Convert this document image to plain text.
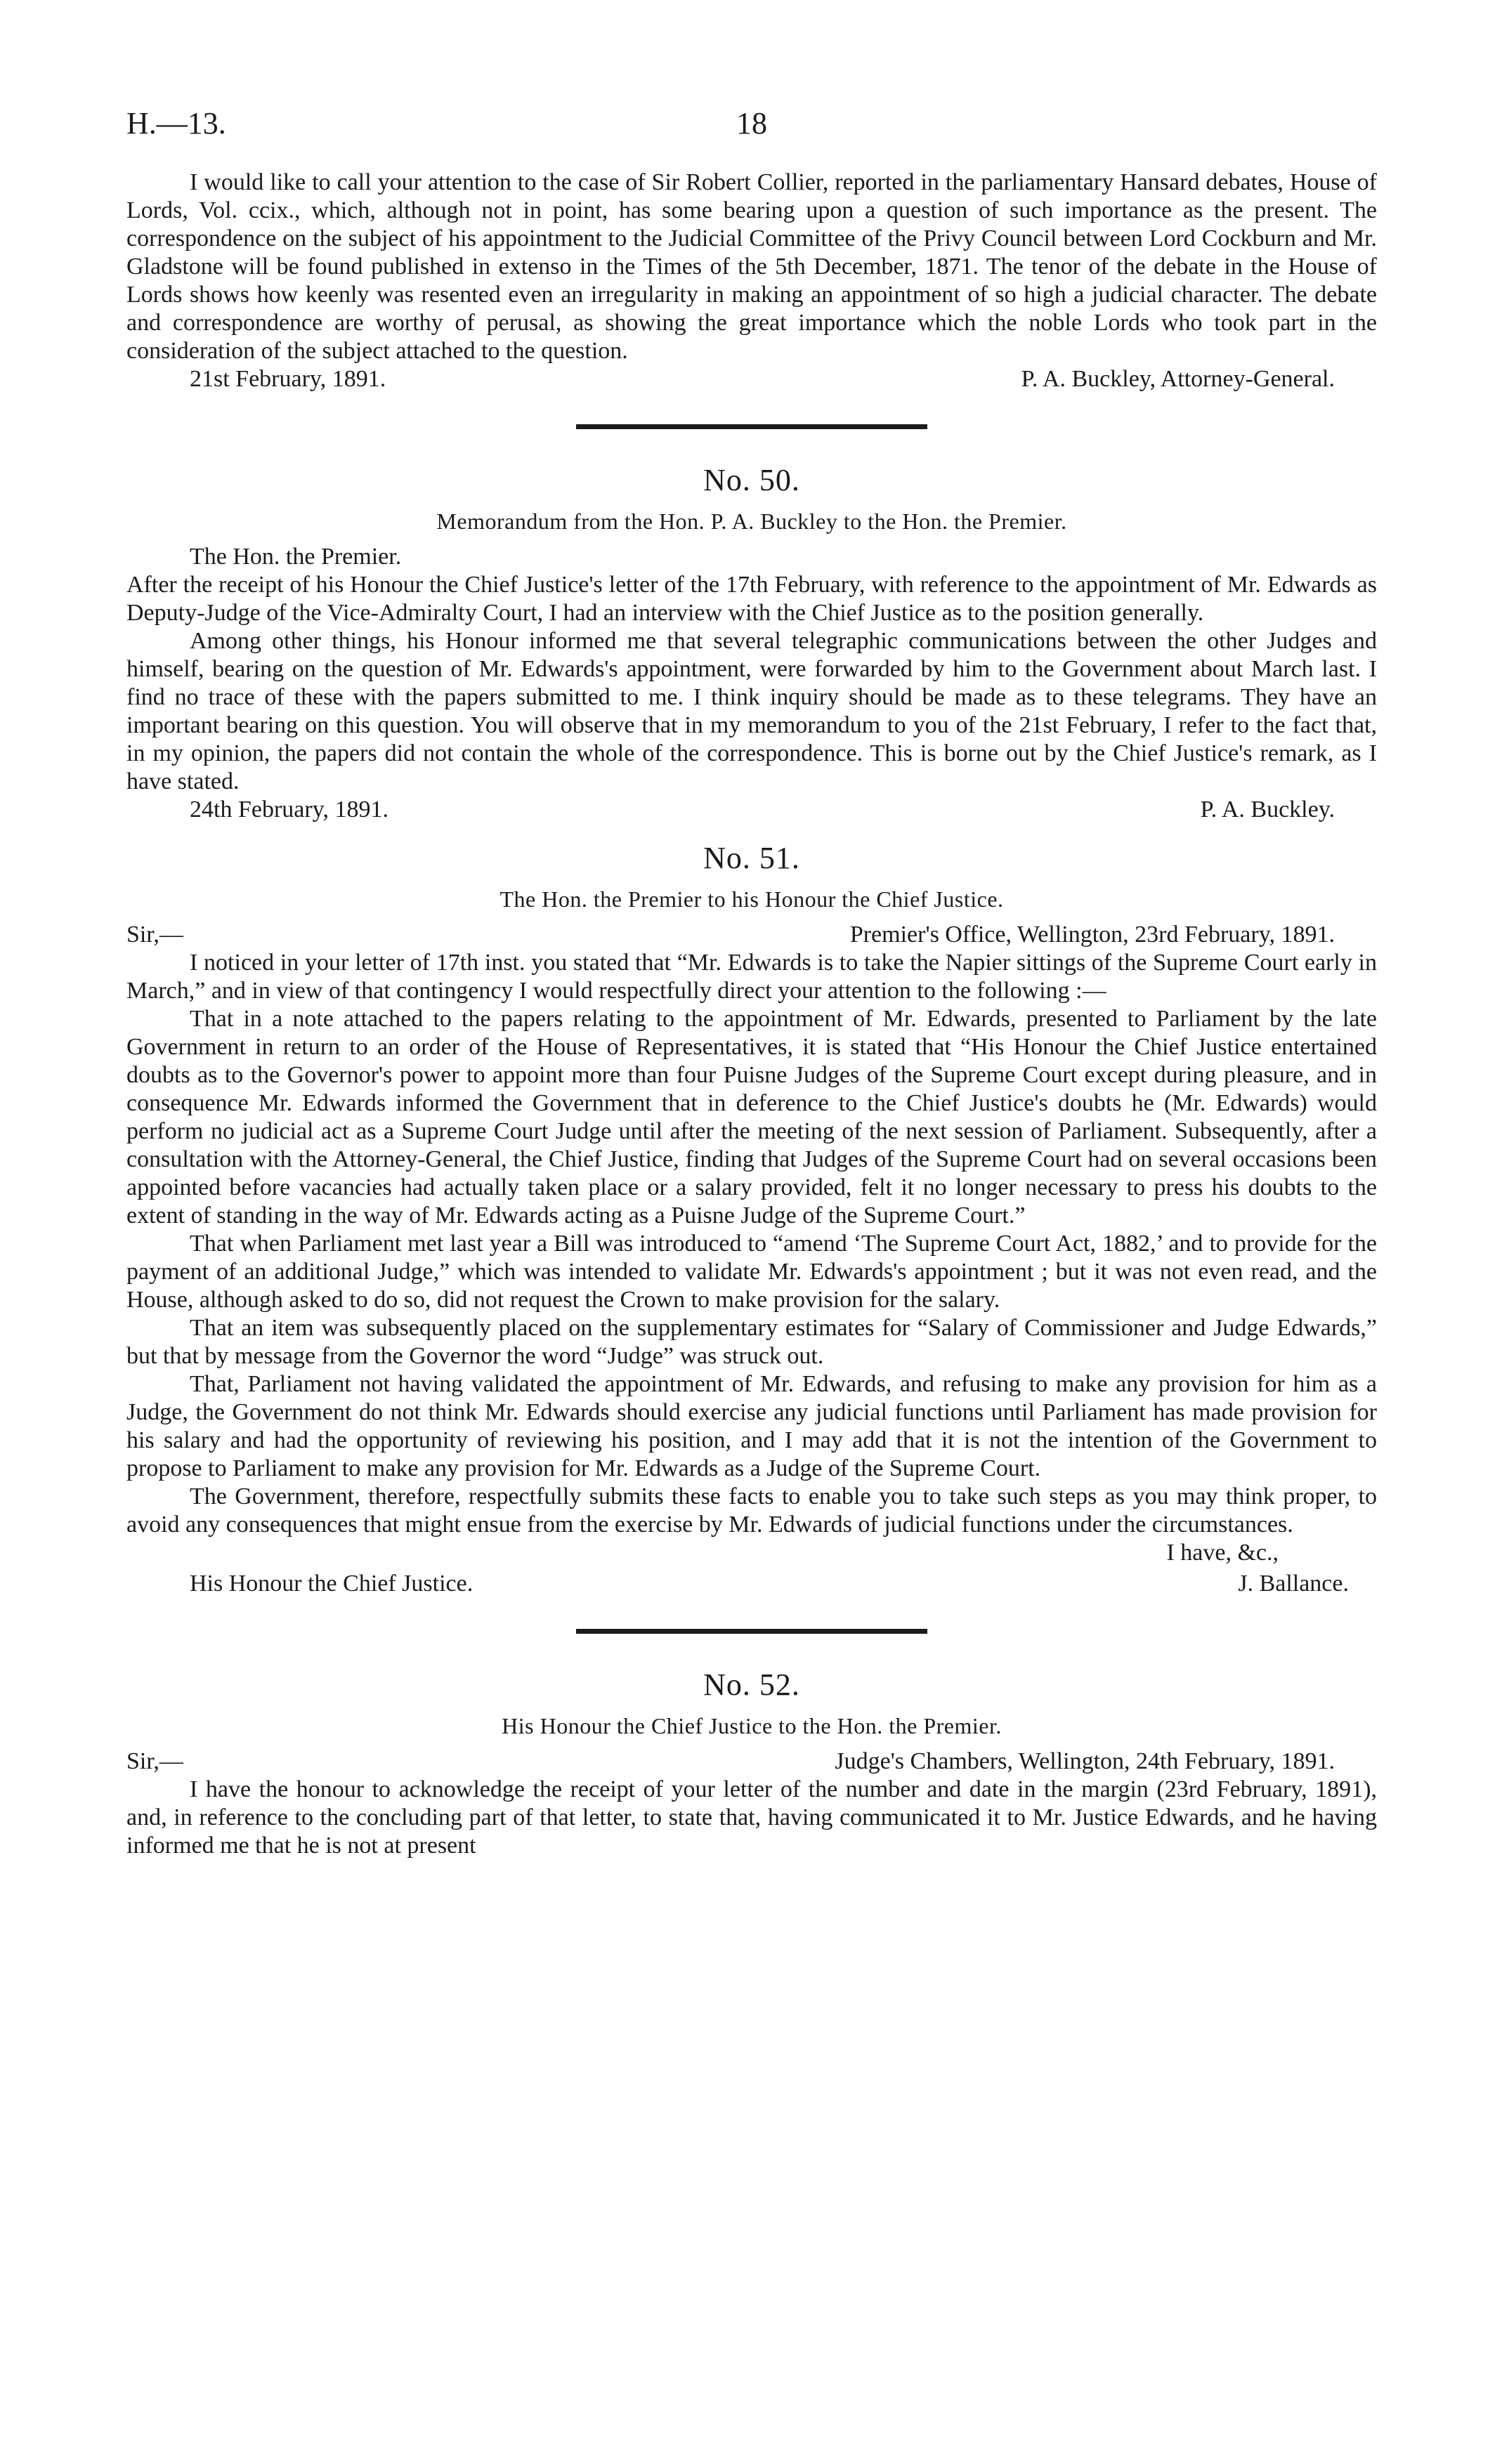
H.—13.	18

I would like to call your attention to the case of Sir Robert Collier, reported in the parliamentary Hansard debates, House of Lords, Vol. ccix., which, although not in point, has some bearing upon a question of such importance as the present. The correspondence on the subject of his appointment to the Judicial Committee of the Privy Council between Lord Cockburn and Mr. Gladstone will be found published in extenso in the Times of the 5th December, 1871. The tenor of the debate in the House of Lords shows how keenly was resented even an irregularity in making an appointment of so high a judicial character. The debate and correspondence are worthy of perusal, as showing the great importance which the noble Lords who took part in the consideration of the subject attached to the question.

21st February, 1891.	P. A. Buckley, Attorney-General.
No. 50.
Memorandum from the Hon. P. A. Buckley to the Hon. the Premier.
The Hon. the Premier.

After the receipt of his Honour the Chief Justice's letter of the 17th February, with reference to the appointment of Mr. Edwards as Deputy-Judge of the Vice-Admiralty Court, I had an interview with the Chief Justice as to the position generally.

Among other things, his Honour informed me that several telegraphic communications between the other Judges and himself, bearing on the question of Mr. Edwards's appointment, were forwarded by him to the Government about March last. I find no trace of these with the papers submitted to me. I think inquiry should be made as to these telegrams. They have an important bearing on this question. You will observe that in my memorandum to you of the 21st February, I refer to the fact that, in my opinion, the papers did not contain the whole of the correspondence. This is borne out by the Chief Justice's remark, as I have stated.

24th February, 1891.	P. A. Buckley.
No. 51.
The Hon. the Premier to his Honour the Chief Justice.
Sir,—	Premier's Office, Wellington, 23rd February, 1891.

I noticed in your letter of 17th inst. you stated that “Mr. Edwards is to take the Napier sittings of the Supreme Court early in March,” and in view of that contingency I would respectfully direct your attention to the following :—

That in a note attached to the papers relating to the appointment of Mr. Edwards, presented to Parliament by the late Government in return to an order of the House of Representatives, it is stated that “His Honour the Chief Justice entertained doubts as to the Governor's power to appoint more than four Puisne Judges of the Supreme Court except during pleasure, and in consequence Mr. Edwards informed the Government that in deference to the Chief Justice's doubts he (Mr. Edwards) would perform no judicial act as a Supreme Court Judge until after the meeting of the next session of Parliament. Subsequently, after a consultation with the Attorney-General, the Chief Justice, finding that Judges of the Supreme Court had on several occasions been appointed before vacancies had actually taken place or a salary provided, felt it no longer necessary to press his doubts to the extent of standing in the way of Mr. Edwards acting as a Puisne Judge of the Supreme Court.”

That when Parliament met last year a Bill was introduced to “amend ‘The Supreme Court Act, 1882,’ and to provide for the payment of an additional Judge,” which was intended to validate Mr. Edwards's appointment ; but it was not even read, and the House, although asked to do so, did not request the Crown to make provision for the salary.

That an item was subsequently placed on the supplementary estimates for “Salary of Commissioner and Judge Edwards,” but that by message from the Governor the word “Judge” was struck out.

That, Parliament not having validated the appointment of Mr. Edwards, and refusing to make any provision for him as a Judge, the Government do not think Mr. Edwards should exercise any judicial functions until Parliament has made provision for his salary and had the opportunity of reviewing his position, and I may add that it is not the intention of the Government to propose to Parliament to make any provision for Mr. Edwards as a Judge of the Supreme Court.

The Government, therefore, respectfully submits these facts to enable you to take such steps as you may think proper, to avoid any consequences that might ensue from the exercise by Mr. Edwards of judicial functions under the circumstances.

I have, &c.,
His Honour the Chief Justice.	J. Ballance.
No. 52.
His Honour the Chief Justice to the Hon. the Premier.
Sir,—	Judge's Chambers, Wellington, 24th February, 1891.

I have the honour to acknowledge the receipt of your letter of the number and date in the margin (23rd February, 1891), and, in reference to the concluding part of that letter, to state that, having communicated it to Mr. Justice Edwards, and he having informed me that he is not at present
